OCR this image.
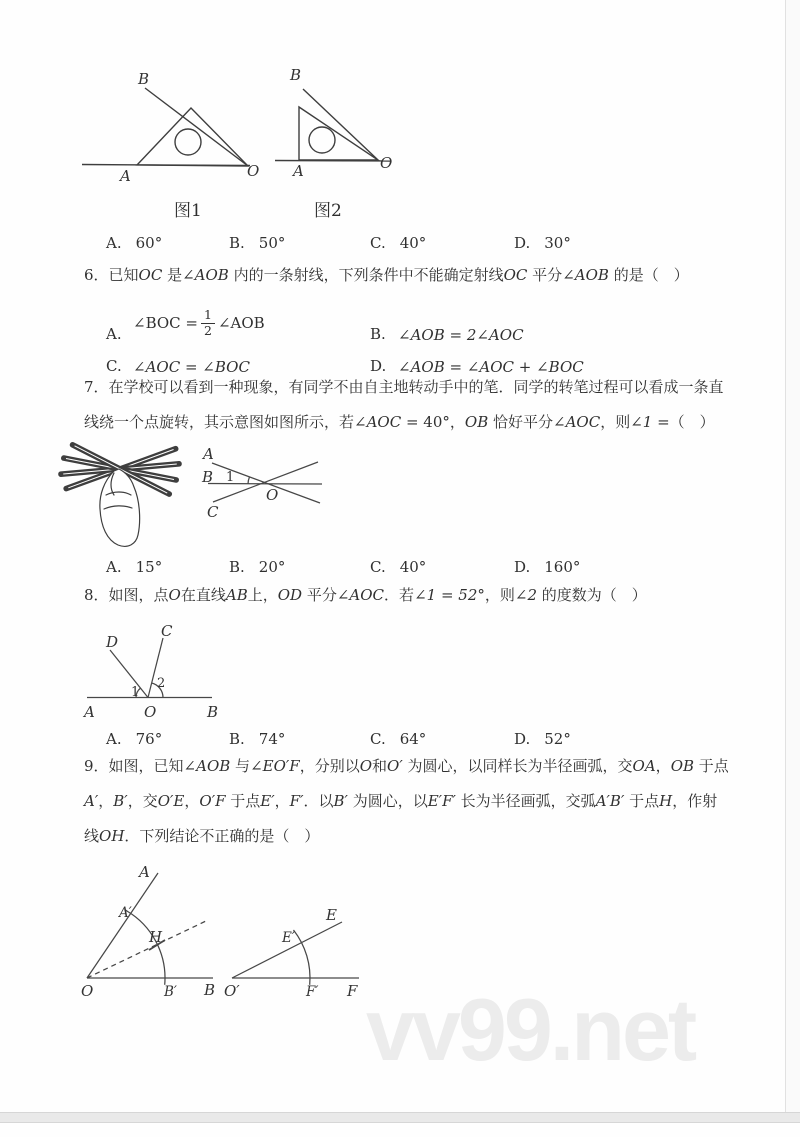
vv99.net
B
A	O
B
A	O
图1	图2
A. 60°	B. 50°	C. 40°	D. 30°

6．已知OC 是∠AOB 内的一条射线，下列条件中不能确定射线OC 平分∠AOB 的是（　）

A.
∠BOC = $\frac{1}{2}$ ∠AOB
B. ∠AOB = 2∠AOC
C. ∠AOC = ∠BOC	D. ∠AOB = ∠AOC + ∠BOC

7．在学校可以看到一种现象，有同学不由自主地转动手中的笔．同学的转笔过程可以看成一条直
线绕一个点旋转，其示意图如图所示，若∠AOC = 40°，OB 恰好平分∠AOC，则∠1 =（　）

A
B
C
O
1
A. 15°	B. 20°	C. 40°	D. 160°

8．如图，点O在直线AB上，OD 平分∠AOC．若∠1 = 52°，则∠2 的度数为（　）

D
C
A	O	B
1
2
A. 76°	B. 74°	C. 64°	D. 52°

9．如图，已知∠AOB 与∠EO′F，分别以O和O′ 为圆心，以同样长为半径画弧，交OA，OB 于点
A′，B′，交O′E，O′F 于点E′，F′．以B′ 为圆心，以E′F′ 长为半径画弧，交弧A′B′ 于点H，作射
线OH．下列结论不正确的是（　）

A
A′
H
O	B′ B
E
E′
O′	F′ F
